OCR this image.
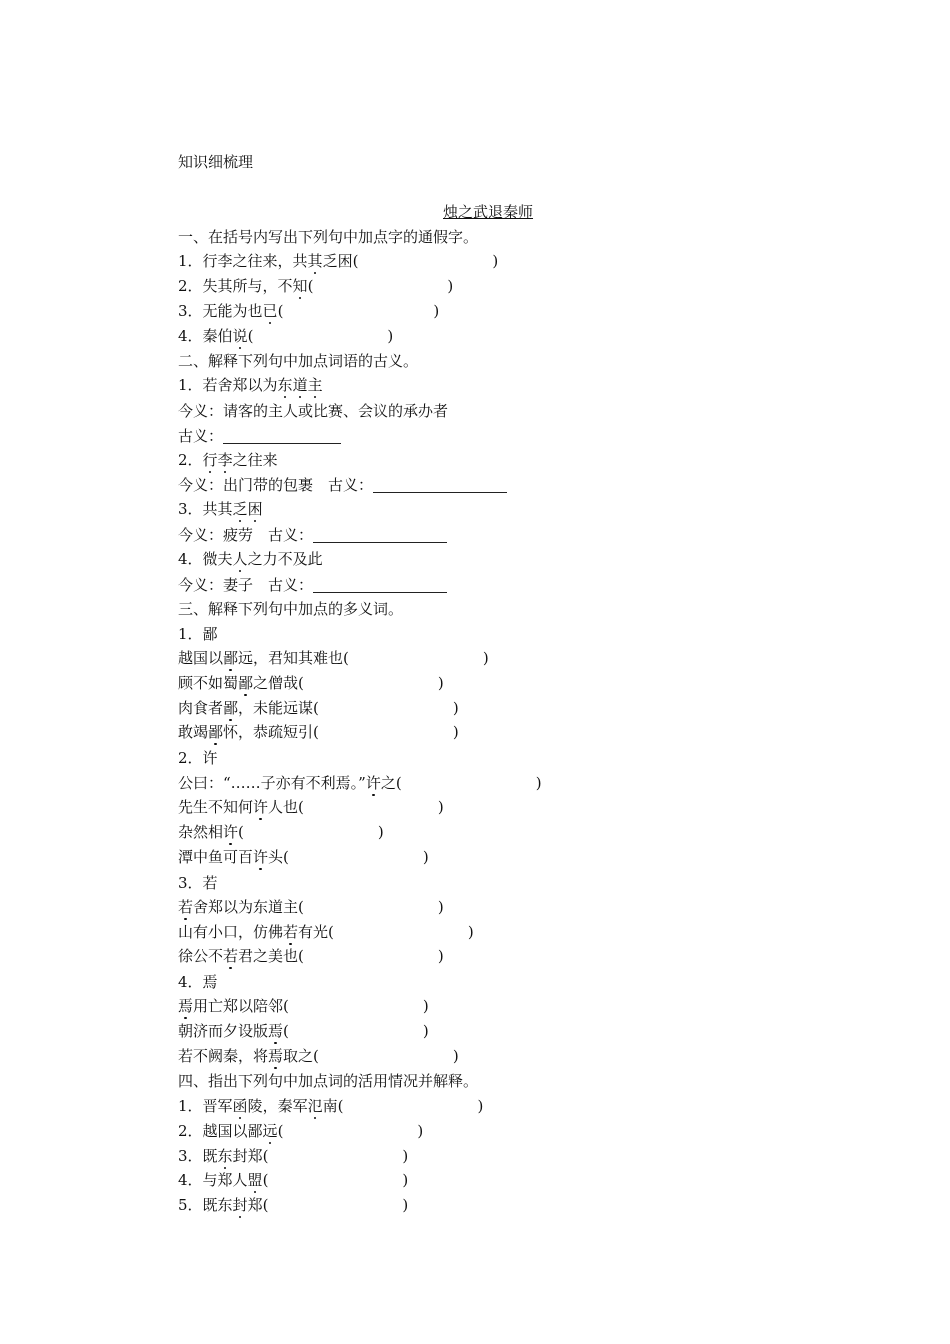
知识细梳理
烛之武退秦师
一、在括号内写出下列句中加点字的通假字。
1．行李之往来，共其乏困(	)
2．失其所与，不知(	)
3．无能为也已(	)
4．秦伯说(	)
二、解释下列句中加点词语的古义。
1．若舍郑以为东道主
今义：请客的主人或比赛、会议的承办者
古义：
2．行李之往来
今义：出门带的包裹　古义：
3．共其乏困
今义：疲劳　古义：
4．微夫人之力不及此
今义：妻子　古义：
三、解释下列句中加点的多义词。
1．鄙
越国以鄙远，君知其难也(	)
顾不如蜀鄙之僧哉(	)
肉食者鄙，未能远谋(	)
敢竭鄙怀，恭疏短引(	)
2．许
公曰：“……子亦有不利焉。”许之(	)
先生不知何许人也(	)
杂然相许(	)
潭中鱼可百许头(	)
3．若
若舍郑以为东道主(	)
山有小口，仿佛若有光(	)
徐公不若君之美也(	)
4．焉
焉用亡郑以陪邻(	)
朝济而夕设版焉(	)
若不阙秦，将焉取之(	)
四、指出下列句中加点词的活用情况并解释。
1．晋军函陵，秦军氾南(	)
2．越国以鄙远(	)
3．既东封郑(	)
4．与郑人盟(	)
5．既东封郑(	)
